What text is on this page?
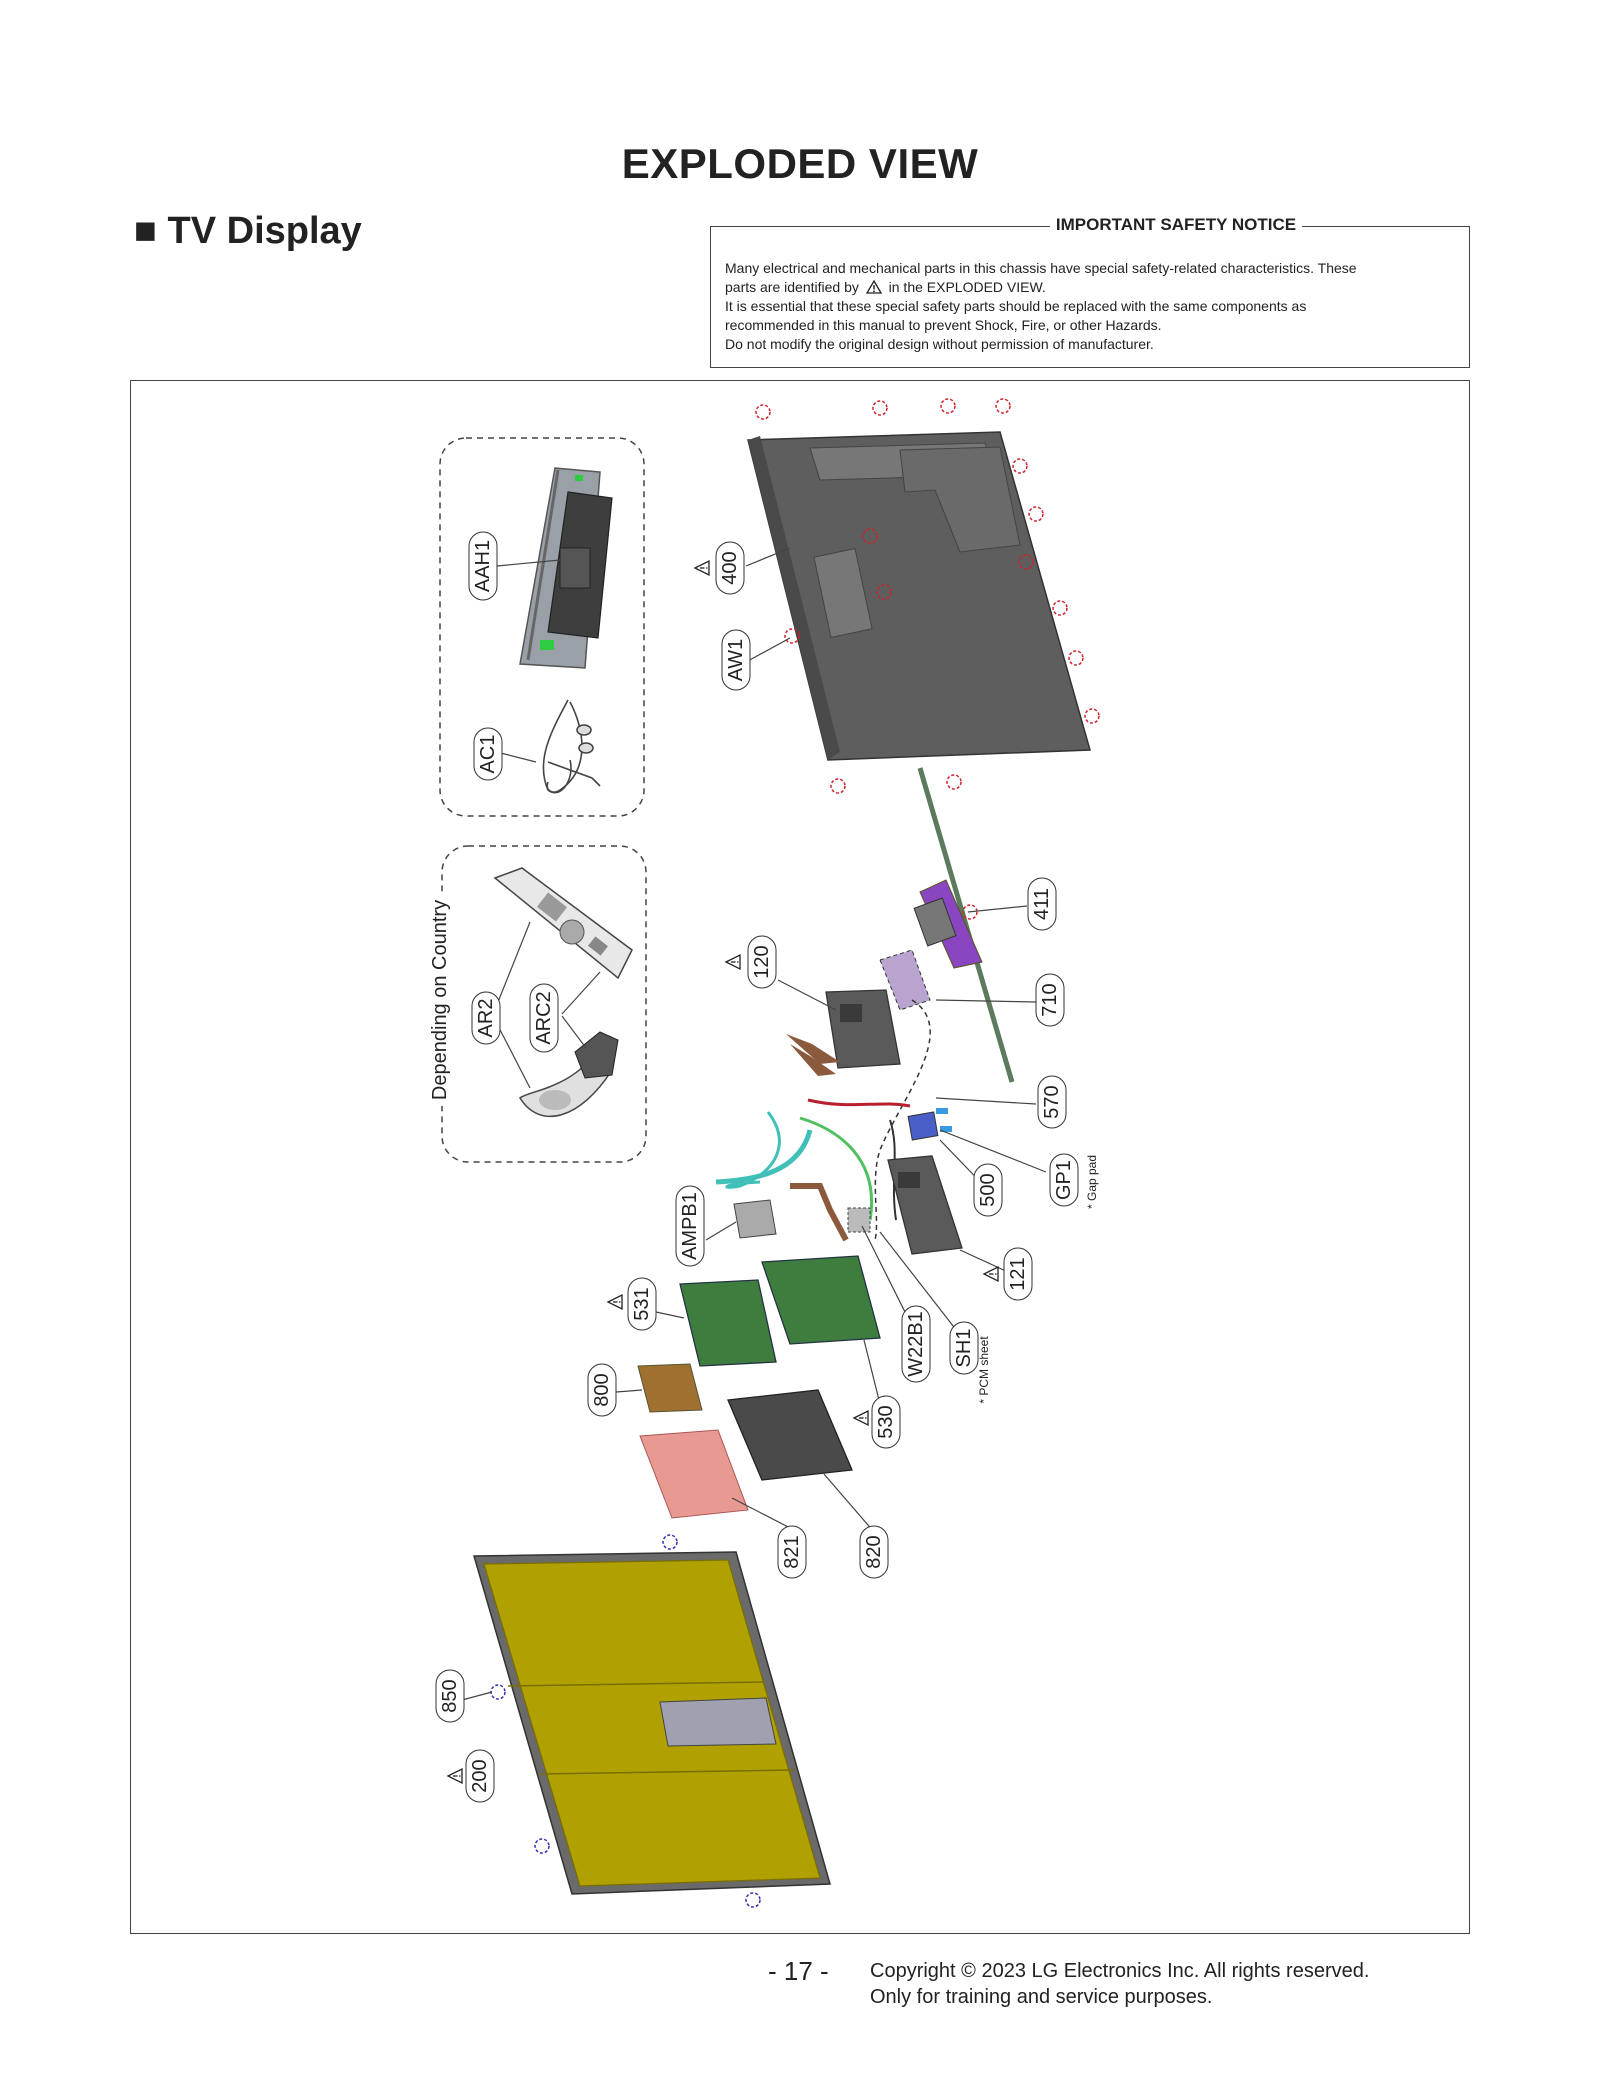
EXPLODED VIEW
■ TV Display	IMPORTANT SAFETY NOTICE
Many electrical and mechanical parts in this chassis have special safety-related characteristics. These
parts are identified by in the EXPLODED VIEW.
It is essential that these special safety parts should be replaced with the same components as
recommended in this manual to prevent Shock, Fire, or other Hazards.
Do not modify the original design without permission of manufacturer.
AAH1
AC1
AR2 ARC2
Depending on Country
400
AW1
411
710
120
570
GP1 * Gap pad
500
AMPB1
121
531
W22B1 SH1 * PCM sheet
800
530
821	820
850
200
- 17 - Copyright © 2023 LG Electronics Inc. All rights reserved.
Only for training and service purposes.
